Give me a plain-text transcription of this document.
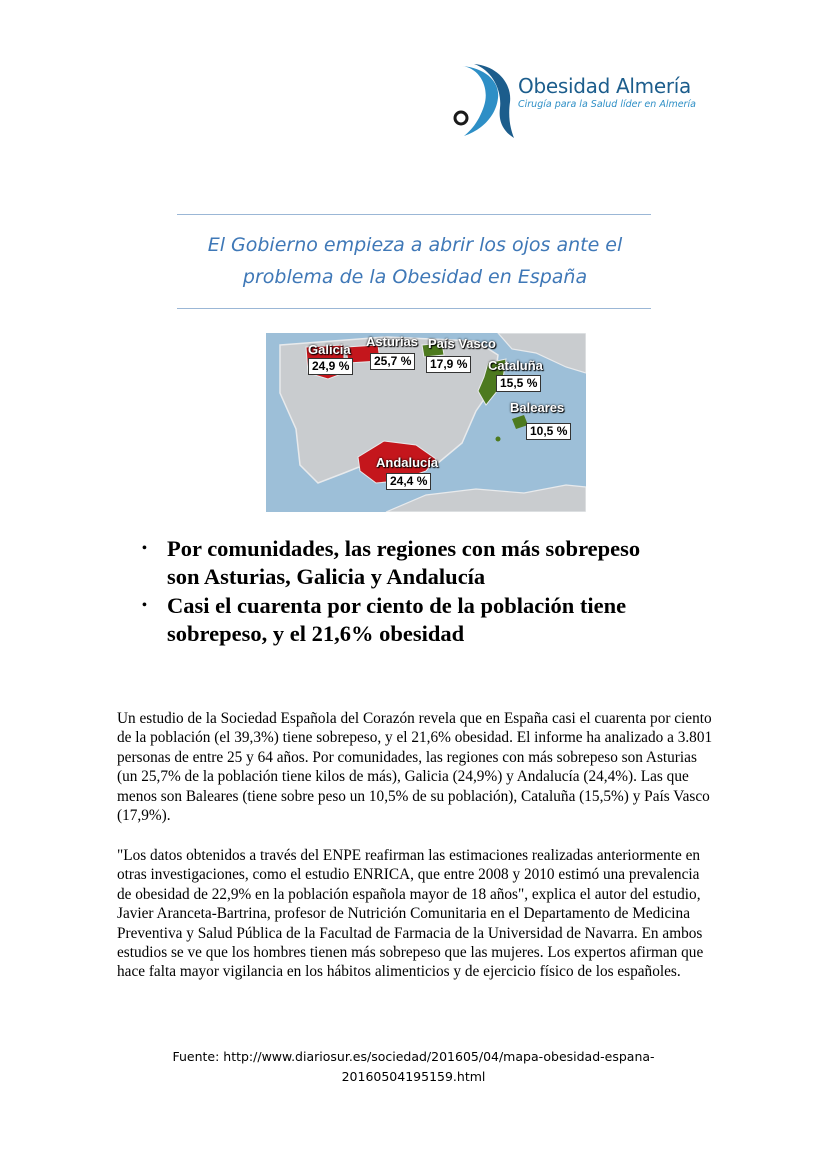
Obesidad Almería
Cirugía para la Salud líder en Almería
El Gobierno empieza a abrir los ojos ante el
problema de la Obesidad en España
Galicia
24,9 %
Asturias
25,7 %
País Vasco
17,9 %	Cataluña
15,5 %
Baleares
10,5 %
Andalucía
24,4 %
• Por comunidades, las regiones con más sobrepeso
son Asturias, Galicia y Andalucía
• Casi el cuarenta por ciento de la población tiene
sobrepeso, y el 21,6% obesidad

Un estudio de la Sociedad Española del Corazón revela que en España casi el cuarenta por ciento de la población (el 39,3%) tiene sobrepeso, y el 21,6% obesidad. El informe ha analizado a 3.801 personas de entre 25 y 64 años. Por comunidades, las regiones con más sobrepeso son Asturias (un 25,7% de la población tiene kilos de más), Galicia (24,9%) y Andalucía (24,4%). Las que menos son Baleares (tiene sobre peso un 10,5% de su población), Cataluña (15,5%) y País Vasco (17,9%).

"Los datos obtenidos a través del ENPE reafirman las estimaciones realizadas anteriormente en otras investigaciones, como el estudio ENRICA, que entre 2008 y 2010 estimó una prevalencia de obesidad de 22,9% en la población española mayor de 18 años", explica el autor del estudio, Javier Aranceta-Bartrina, profesor de Nutrición Comunitaria en el Departamento de Medicina Preventiva y Salud Pública de la Facultad de Farmacia de la Universidad de Navarra. En ambos estudios se ve que los hombres tienen más sobrepeso que las mujeres. Los expertos afirman que hace falta mayor vigilancia en los hábitos alimenticios y de ejercicio físico de los españoles.

Fuente: http://www.diariosur.es/sociedad/201605/04/mapa-obesidad-espana-
20160504195159.html
